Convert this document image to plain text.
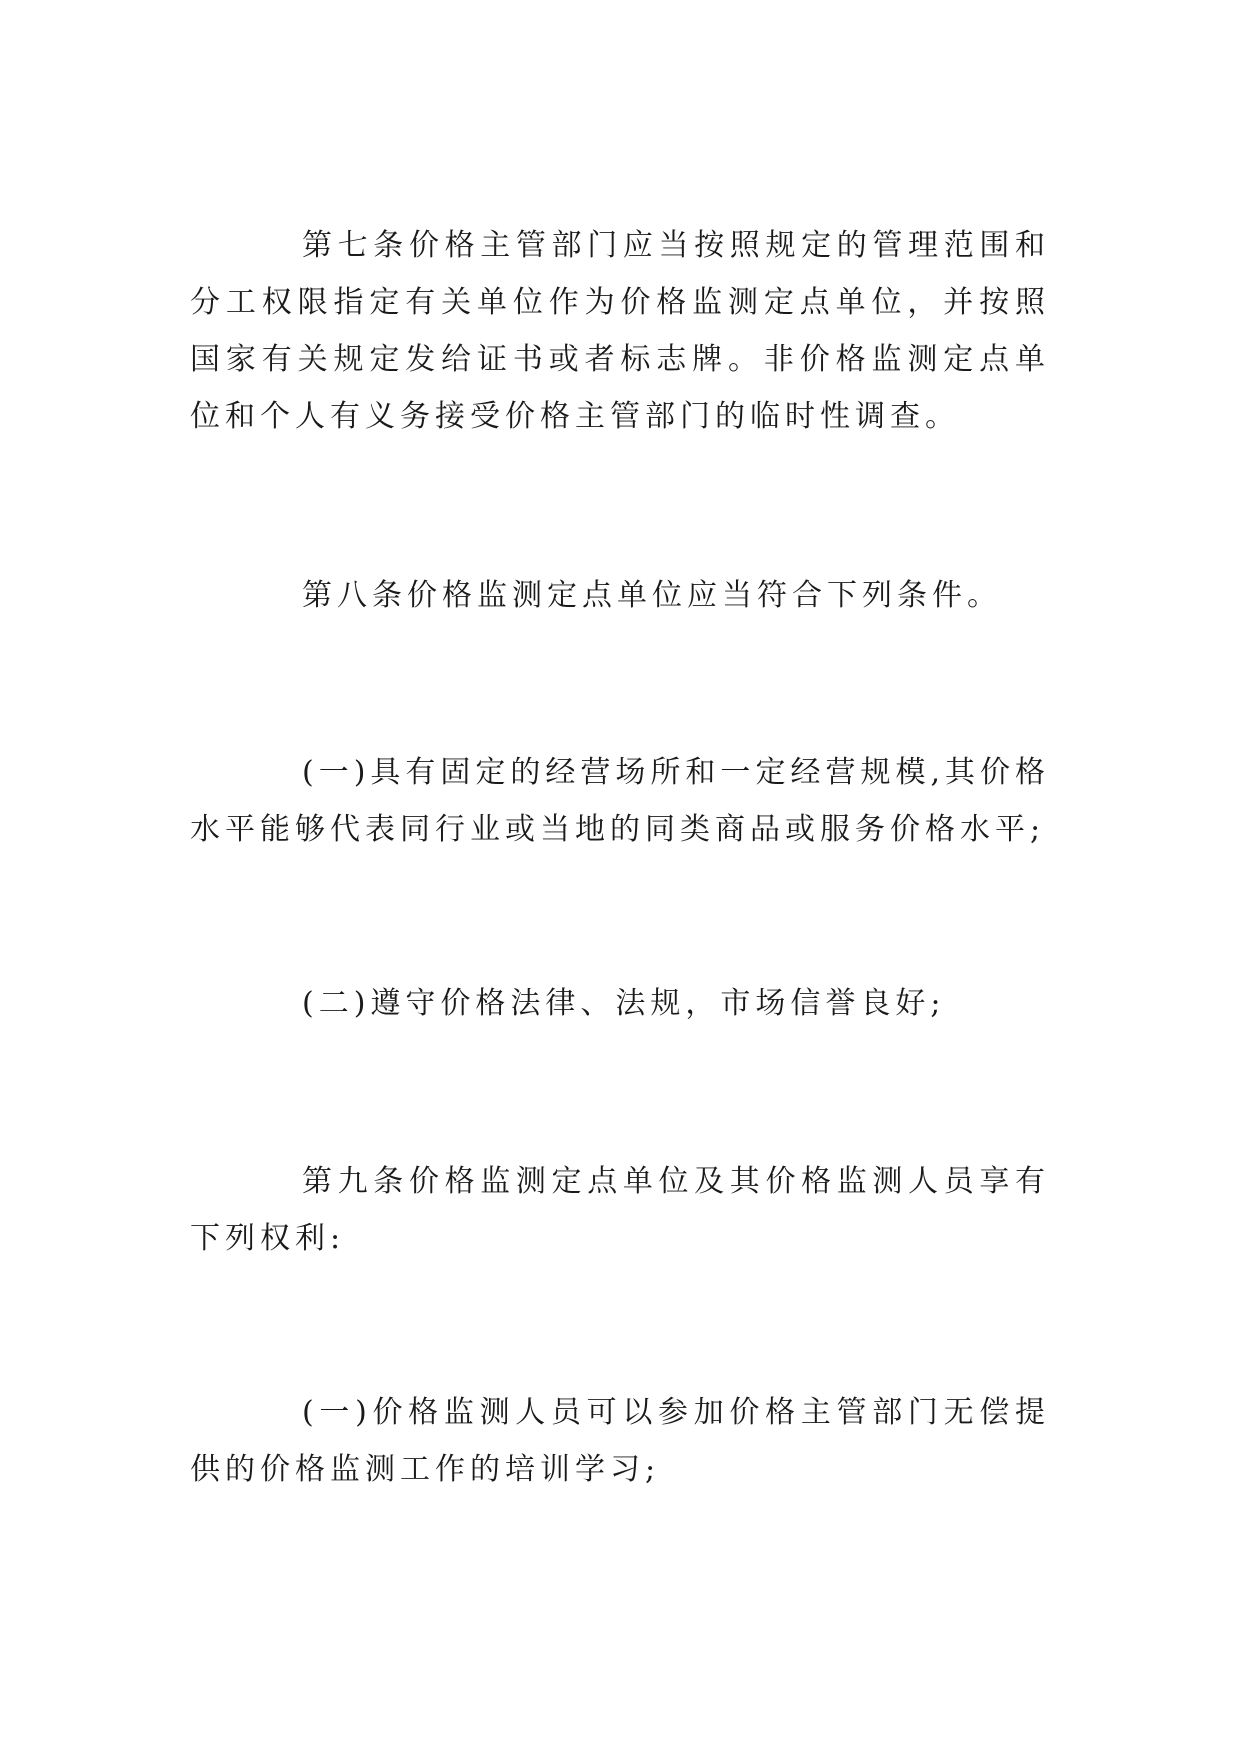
第七条价格主管部门应当按照规定的管理范围和分工权限指定有关单位作为价格监测定点单位，并按照国家有关规定发给证书或者标志牌。非价格监测定点单位和个人有义务接受价格主管部门的临时性调查。

第八条价格监测定点单位应当符合下列条件。

(一)具有固定的经营场所和一定经营规模,其价格水平能够代表同行业或当地的同类商品或服务价格水平;

(二)遵守价格法律、法规，市场信誉良好;

第九条价格监测定点单位及其价格监测人员享有下列权利:

(一)价格监测人员可以参加价格主管部门无偿提供的价格监测工作的培训学习;
